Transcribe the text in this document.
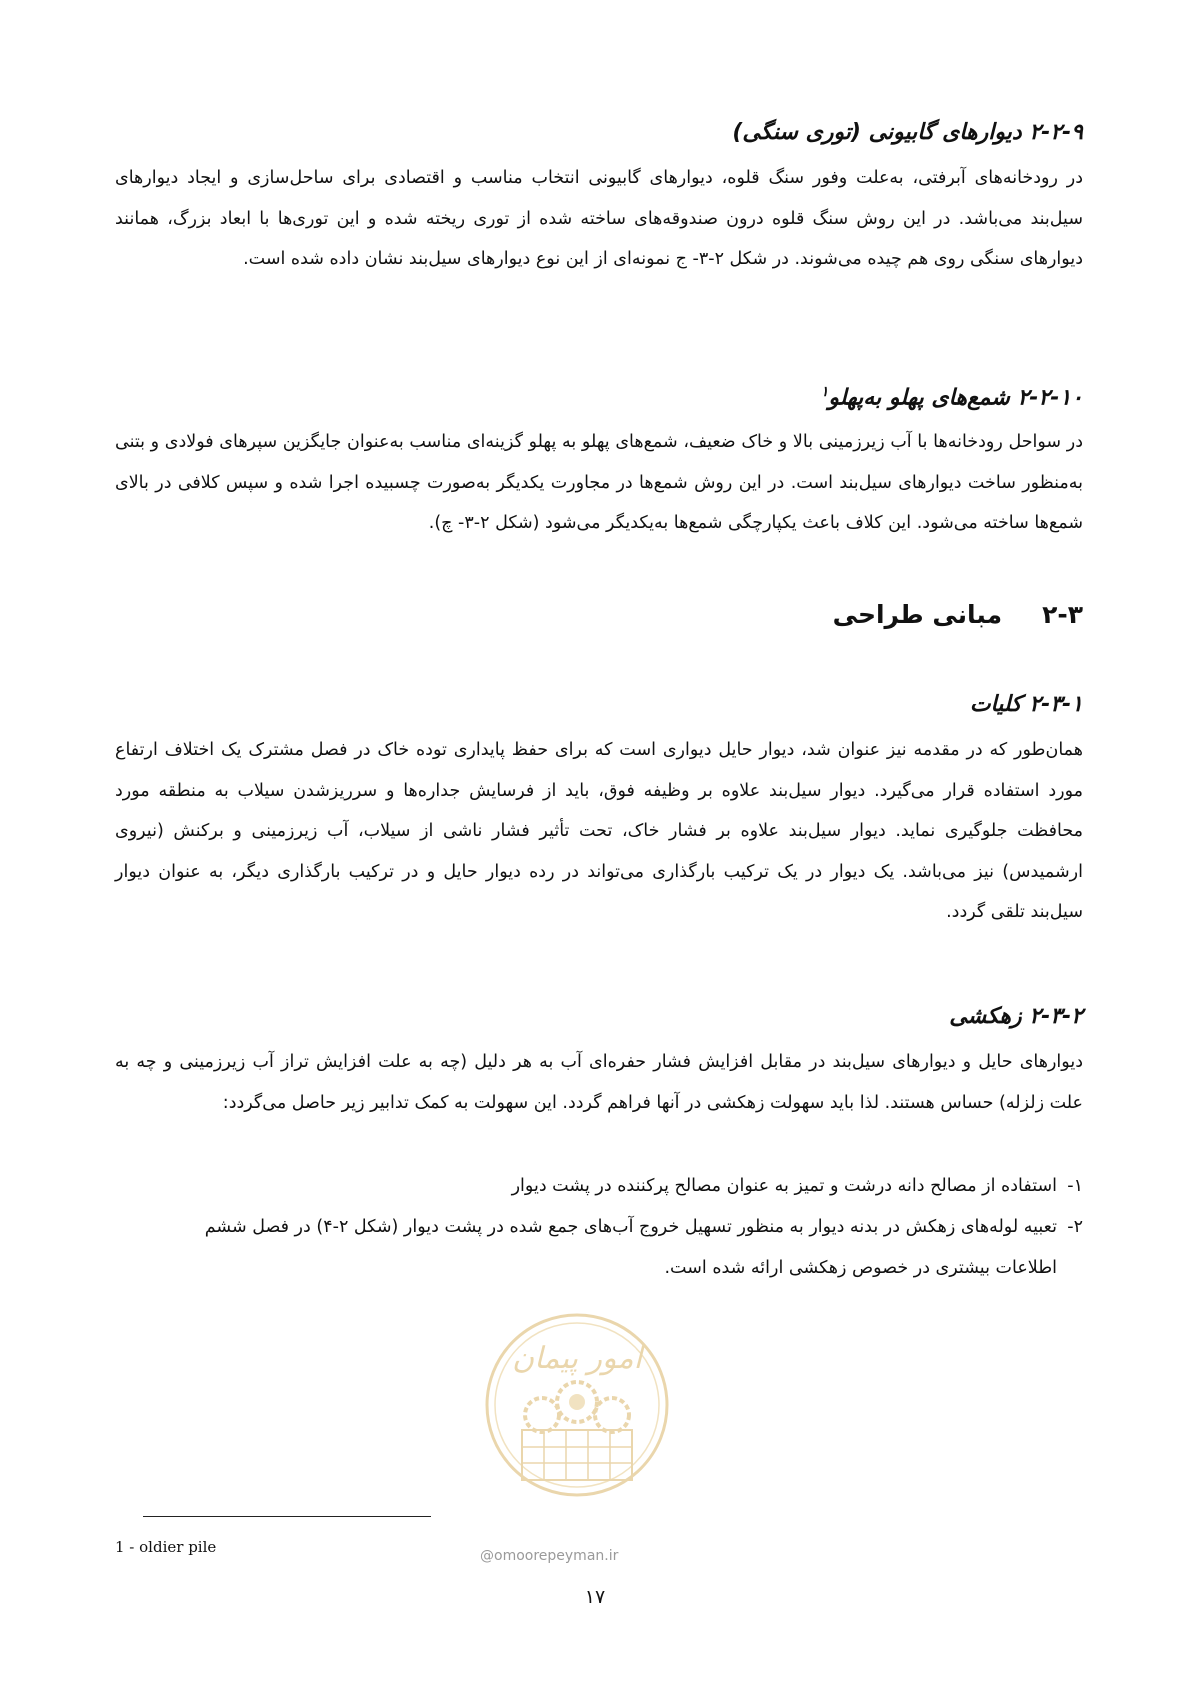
۲-۲-۹ دیوارهای گابیونی (توری سنگی)

در رودخانه‌های آبرفتی، به‌علت وفور سنگ قلوه، دیوارهای گابیونی انتخاب مناسب و اقتصادی برای ساحل‌سازی و ایجاد دیوارهای سیل‌بند می‌باشد. در این روش سنگ قلوه درون صندوقه‌های ساخته شده از توری ریخته شده و این توری‌ها با ابعاد بزرگ، همانند دیوارهای سنگی روی هم چیده می‌شوند. در شکل ۲-۳- ج نمونه‌ای از این نوع دیوارهای سیل‌بند نشان داده شده است.

۲-۲-۱۰ شمع‌های پهلو به‌پهلو$^۱$

در سواحل رودخانه‌ها با آب زیرزمینی بالا و خاک ضعیف، شمع‌های پهلو به پهلو گزینه‌ای مناسب به‌عنوان جایگزین سپرهای فولادی و بتنی به‌منظور ساخت دیوارهای سیل‌بند است. در این روش شمع‌ها در مجاورت یکدیگر به‌صورت چسبیده اجرا شده و سپس کلافی در بالای شمع‌ها ساخته می‌شود. این کلاف باعث یکپارچگی شمع‌ها به‌یکدیگر می‌شود (شکل ۲-۳- چ).

۲-۳مبانی طراحی
۲-۳-۱ کلیات

همان‌طور که در مقدمه نیز عنوان شد، دیوار حایل دیواری است که برای حفظ پایداری توده خاک در فصل مشترک یک اختلاف ارتفاع مورد استفاده قرار می‌گیرد. دیوار سیل‌بند علاوه بر وظیفه فوق، باید از فرسایش جداره‌ها و سرریزشدن سیلاب به منطقه مورد محافظت جلوگیری نماید. دیوار سیل‌بند علاوه بر فشار خاک، تحت تأثیر فشار ناشی از سیلاب، آب زیرزمینی و برکنش (نیروی ارشمیدس) نیز می‌باشد. یک دیوار در یک ترکیب بارگذاری می‌تواند در رده دیوار حایل و در ترکیب بارگذاری دیگر، به عنوان دیوار سیل‌بند تلقی گردد.

۲-۳-۲ زهکشی

دیوارهای حایل و دیوارهای سیل‌بند در مقابل افزایش فشار حفره‌ای آب به هر دلیل (چه به علت افزایش تراز آب زیرزمینی و چه به علت زلزله) حساس هستند. لذا باید سهولت زهکشی در آنها فراهم گردد. این سهولت به کمک تدابیر زیر حاصل می‌گردد:

۱-استفاده از مصالح دانه درشت و تمیز به عنوان مصالح پرکننده در پشت دیوار
۲-تعبیه لوله‌های زهکش در بدنه دیوار به منظور تسهیل خروج آب‌های جمع شده در پشت دیوار (شکل ۲-۴) در فصل ششم
اطلاعات بیشتری در خصوص زهکشی ارائه شده است.
امور پیمان
@omoorepeyman.ir
1 - oldier pile
۱۷
